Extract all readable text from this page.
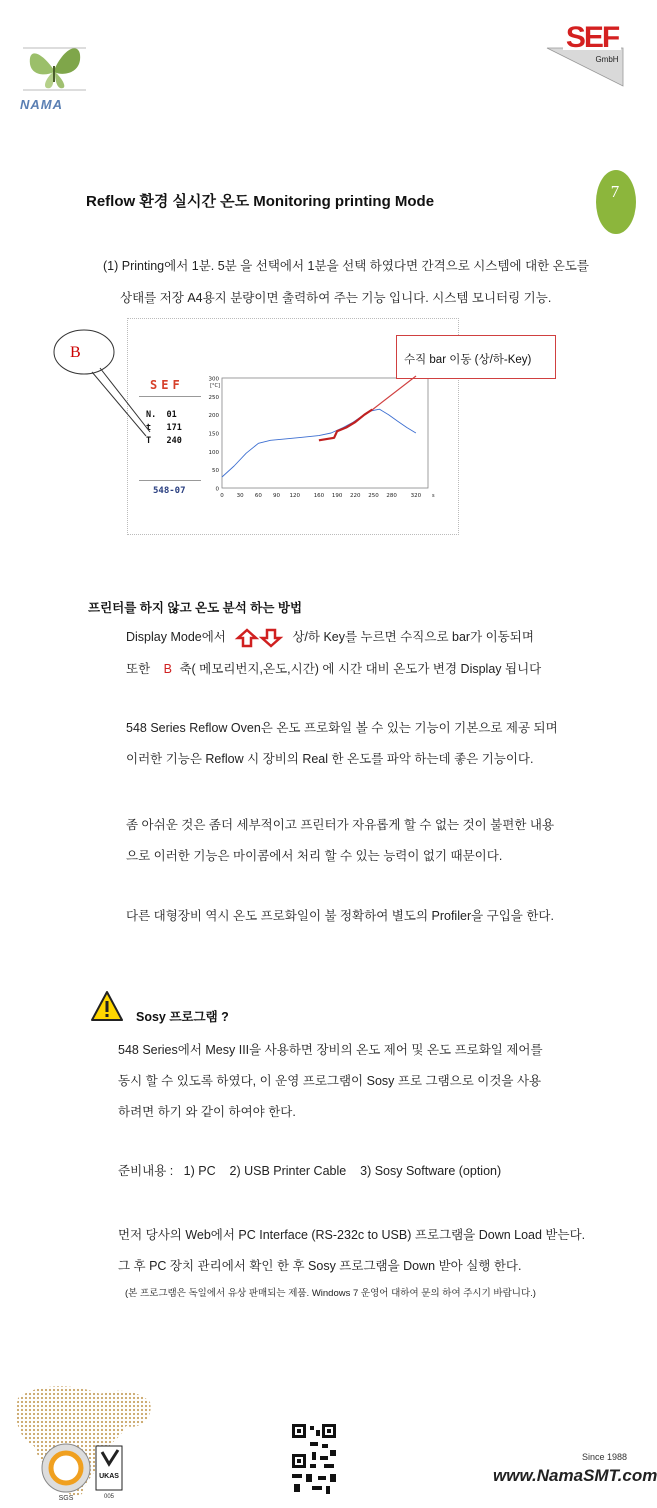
NAMA
SEF
GmbH
Reflow 환경 실시간 온도 Monitoring printing Mode
7
(1) Printing에서 1분. 5분 을 선택에서 1분을 선택 하였다면 간격으로 시스템에 대한 온도를
상태를 저장 A4용지 분량이면 출력하여 주는 기능 입니다. 시스템 모니터링 기능.
SEF
N.  01
t   171
T   240
548-07	0
50
100
150
200
250
300
0 30 60 90 120 160 190 220 250 280 320
[°C]
s
B	수직 bar 이동 (상/하-Key)
프린터를 하지 않고 온도 분석 하는 방법
Display Mode에서	상/하 Key를 누르면 수직으로 bar가 이동되며
또한 B 축( 메모리번지,온도,시간) 에 시간 대비 온도가 변경 Display 됩니다
548 Series Reflow Oven은 온도 프로화일 볼 수 있는 기능이 기본으로 제공 되며
이러한 기능은 Reflow 시 장비의 Real 한 온도를 파악 하는데 좋은 기능이다.
좀 아쉬운 것은 좀더 세부적이고 프린터가 자유롭게 할 수 없는 것이 불편한 내용
으로 이러한 기능은 마이콤에서 처리 할 수 있는 능력이 없기 때문이다.
다른 대형장비 역시 온도 프로화일이 불 정확하여 별도의 Profiler을 구입을 한다.
Sosy 프로그램 ?
548 Series에서 Mesy III을 사용하면 장비의 온도 제어 및 온도 프로화일 제어를
동시 할 수 있도록 하였다, 이 운영 프로그램이 Sosy 프로 그램으로 이것을 사용
하려면 하기 와 같이 하여야 한다.
준비내용 :   1) PC    2) USB Printer Cable    3) Sosy Software (option)
먼저 당사의 Web에서 PC Interface (RS-232c to USB) 프로그램을 Down Load 받는다.
그 후 PC 장치 관리에서 확인 한 후 Sosy 프로그램을 Down 받아 실행 한다.
(본 프로그램은 독일에서 유상 판매되는 제품. Windows 7 운영어 대하여 문의 하여 주시기 바랍니다.)
SGS
UKAS
005
Since 1988
www.NamaSMT.com
